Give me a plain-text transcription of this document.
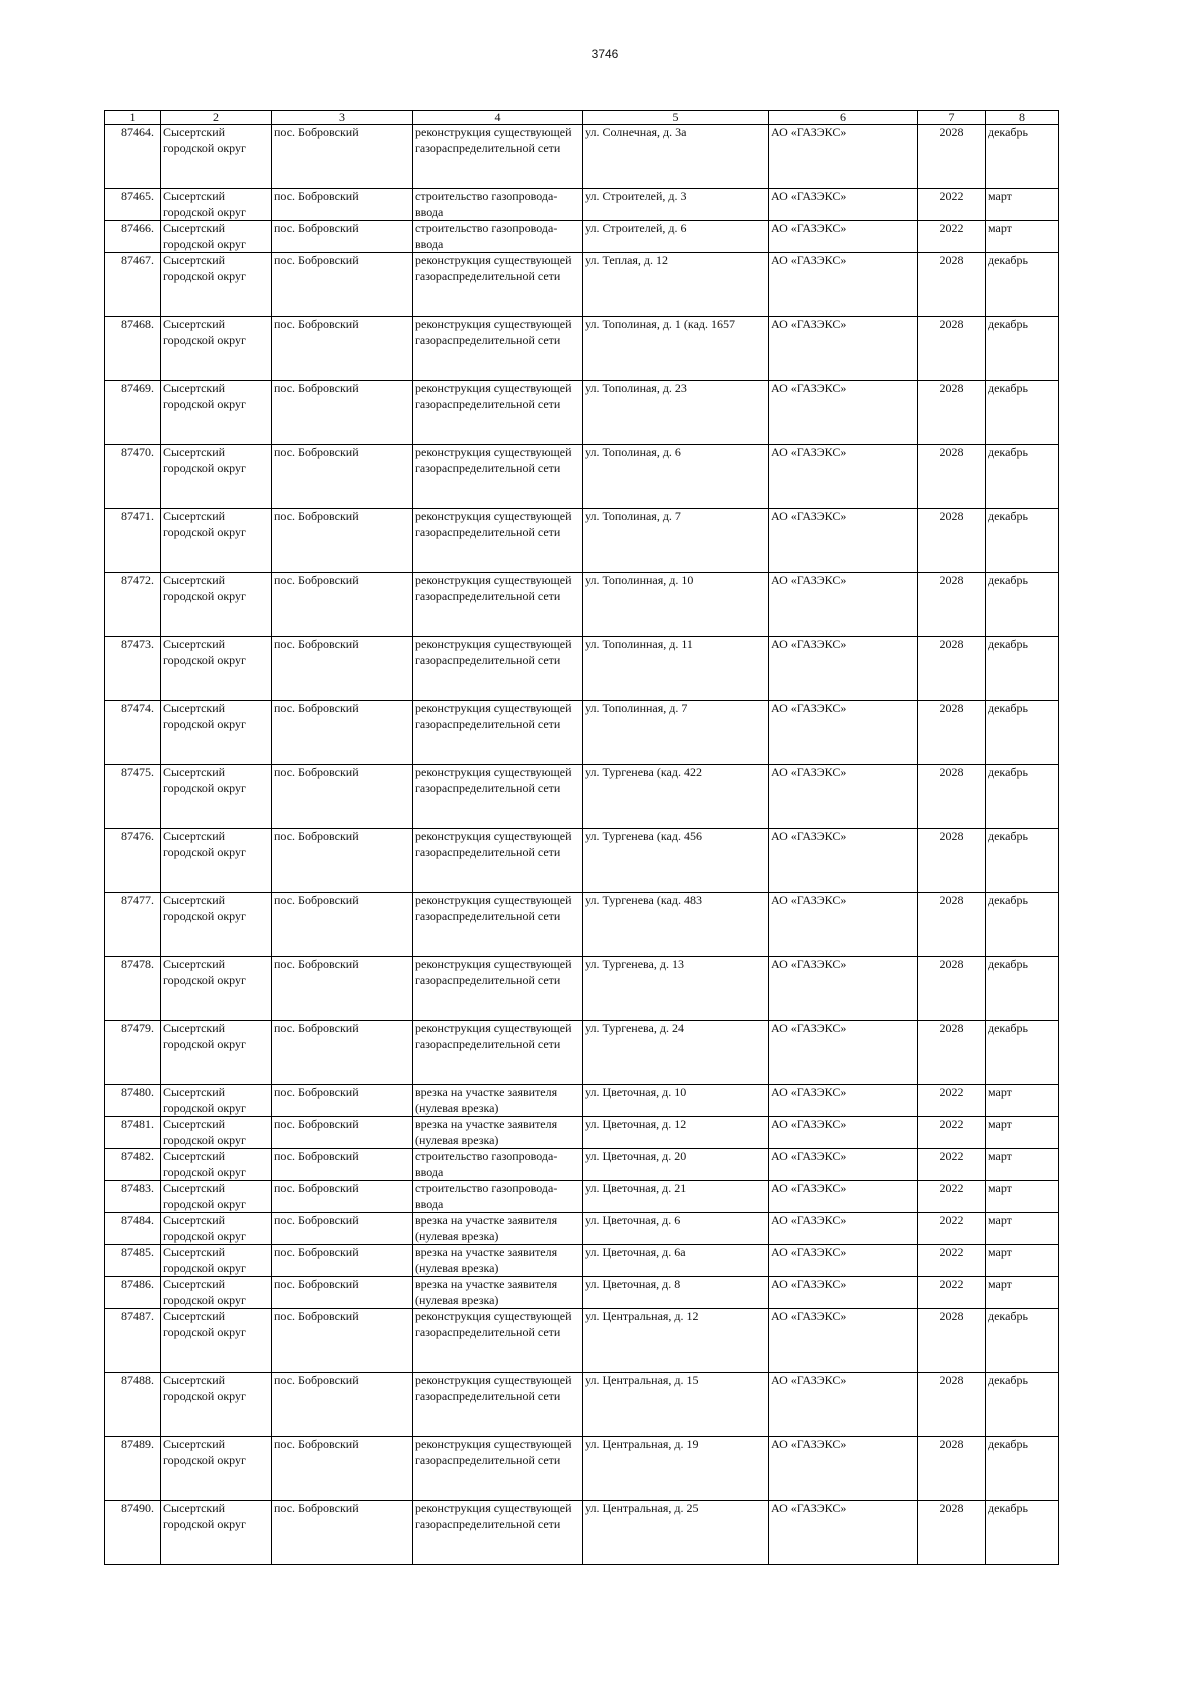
3746
1	2	3	4	5	6	7	8
87464.	Сысертский городской округ	пос. Бобровский	реконструкция существующей газораспределительной сети	ул. Солнечная, д. 3а	АО «ГАЗЭКС»	2028	декабрь
87465.	Сысертский городской округ	пос. Бобровский	строительство газопровода-ввода	ул. Строителей, д. 3	АО «ГАЗЭКС»	2022	март
87466.	Сысертский городской округ	пос. Бобровский	строительство газопровода-ввода	ул. Строителей, д. 6	АО «ГАЗЭКС»	2022	март
87467.	Сысертский городской округ	пос. Бобровский	реконструкция существующей газораспределительной сети	ул. Теплая, д. 12	АО «ГАЗЭКС»	2028	декабрь
87468.	Сысертский городской округ	пос. Бобровский	реконструкция существующей газораспределительной сети	ул. Тополиная, д. 1 (кад. 1657	АО «ГАЗЭКС»	2028	декабрь
87469.	Сысертский городской округ	пос. Бобровский	реконструкция существующей газораспределительной сети	ул. Тополиная, д. 23	АО «ГАЗЭКС»	2028	декабрь
87470.	Сысертский городской округ	пос. Бобровский	реконструкция существующей газораспределительной сети	ул. Тополиная, д. 6	АО «ГАЗЭКС»	2028	декабрь
87471.	Сысертский городской округ	пос. Бобровский	реконструкция существующей газораспределительной сети	ул. Тополиная, д. 7	АО «ГАЗЭКС»	2028	декабрь
87472.	Сысертский городской округ	пос. Бобровский	реконструкция существующей газораспределительной сети	ул. Тополинная, д. 10	АО «ГАЗЭКС»	2028	декабрь
87473.	Сысертский городской округ	пос. Бобровский	реконструкция существующей газораспределительной сети	ул. Тополинная, д. 11	АО «ГАЗЭКС»	2028	декабрь
87474.	Сысертский городской округ	пос. Бобровский	реконструкция существующей газораспределительной сети	ул. Тополинная, д. 7	АО «ГАЗЭКС»	2028	декабрь
87475.	Сысертский городской округ	пос. Бобровский	реконструкция существующей газораспределительной сети	ул. Тургенева (кад. 422	АО «ГАЗЭКС»	2028	декабрь
87476.	Сысертский городской округ	пос. Бобровский	реконструкция существующей газораспределительной сети	ул. Тургенева (кад. 456	АО «ГАЗЭКС»	2028	декабрь
87477.	Сысертский городской округ	пос. Бобровский	реконструкция существующей газораспределительной сети	ул. Тургенева (кад. 483	АО «ГАЗЭКС»	2028	декабрь
87478.	Сысертский городской округ	пос. Бобровский	реконструкция существующей газораспределительной сети	ул. Тургенева, д. 13	АО «ГАЗЭКС»	2028	декабрь
87479.	Сысертский городской округ	пос. Бобровский	реконструкция существующей газораспределительной сети	ул. Тургенева, д. 24	АО «ГАЗЭКС»	2028	декабрь
87480.	Сысертский городской округ	пос. Бобровский	врезка на участке заявителя (нулевая врезка)	ул. Цветочная, д. 10	АО «ГАЗЭКС»	2022	март
87481.	Сысертский городской округ	пос. Бобровский	врезка на участке заявителя (нулевая врезка)	ул. Цветочная, д. 12	АО «ГАЗЭКС»	2022	март
87482.	Сысертский городской округ	пос. Бобровский	строительство газопровода-ввода	ул. Цветочная, д. 20	АО «ГАЗЭКС»	2022	март
87483.	Сысертский городской округ	пос. Бобровский	строительство газопровода-ввода	ул. Цветочная, д. 21	АО «ГАЗЭКС»	2022	март
87484.	Сысертский городской округ	пос. Бобровский	врезка на участке заявителя (нулевая врезка)	ул. Цветочная, д. 6	АО «ГАЗЭКС»	2022	март
87485.	Сысертский городской округ	пос. Бобровский	врезка на участке заявителя (нулевая врезка)	ул. Цветочная, д. 6а	АО «ГАЗЭКС»	2022	март
87486.	Сысертский городской округ	пос. Бобровский	врезка на участке заявителя (нулевая врезка)	ул. Цветочная, д. 8	АО «ГАЗЭКС»	2022	март
87487.	Сысертский городской округ	пос. Бобровский	реконструкция существующей газораспределительной сети	ул. Центральная, д. 12	АО «ГАЗЭКС»	2028	декабрь
87488.	Сысертский городской округ	пос. Бобровский	реконструкция существующей газораспределительной сети	ул. Центральная, д. 15	АО «ГАЗЭКС»	2028	декабрь
87489.	Сысертский городской округ	пос. Бобровский	реконструкция существующей газораспределительной сети	ул. Центральная, д. 19	АО «ГАЗЭКС»	2028	декабрь
87490.	Сысертский городской округ	пос. Бобровский	реконструкция существующей газораспределительной сети	ул. Центральная, д. 25	АО «ГАЗЭКС»	2028	декабрь
